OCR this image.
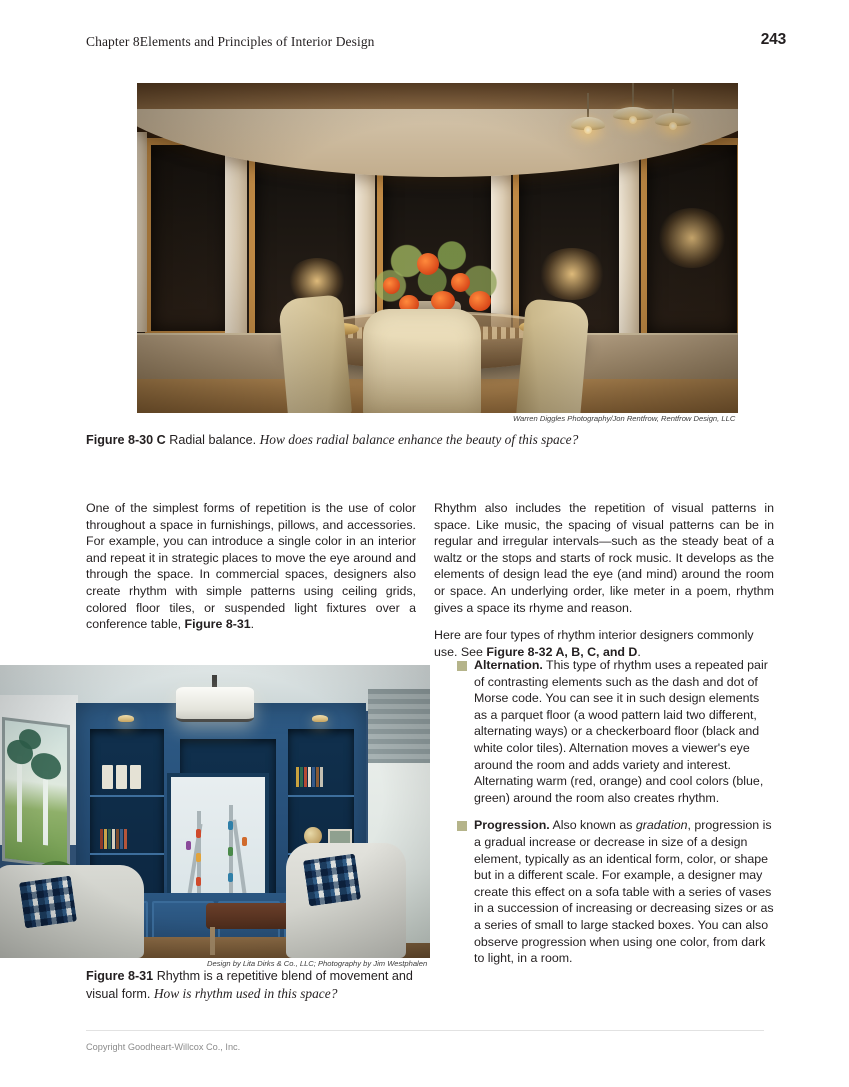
Chapter 8Elements and Principles of Interior Design	243
Warren Diggles Photography/Jon Rentfrow, Rentfrow Design, LLC
Figure 8-30 C Radial balance. How does radial balance enhance the beauty of this space?

One of the simplest forms of repetition is the use of color throughout a space in furnishings, pillows, and accessories. For example, you can introduce a single color in an interior and repeat it in strategic places to move the eye around and through the space. In commercial spaces, designers also create rhythm with simple patterns using ceiling grids, colored floor tiles, or suspended light fixtures over a conference table, Figure 8-31.

Rhythm also includes the repetition of visual patterns in space. Like music, the spacing of visual patterns can be in regular and irregular intervals—such as the steady beat of a waltz or the stops and starts of rock music. It develops as the elements of design lead the eye (and mind) around the room or space. An underlying order, like meter in a poem, rhythm gives a space its rhyme and reason.

Here are four types of rhythm interior designers commonly use. See Figure 8-32 A, B, C, and D.

Alternation. This type of rhythm uses a repeated pair of contrasting elements such as the dash and dot of Morse code. You can see it in such design elements as a parquet floor (a wood pattern laid two different, alternating ways) or a checkerboard floor (black and white color tiles). Alternation moves a viewer's eye around the room and adds variety and interest. Alternating warm (red, orange) and cool colors (blue, green) around the room also creates rhythm.
Progression. Also known as gradation, progression is a gradual increase or decrease in size of a design element, typically as an identical form, color, or shape but in a different scale. For example, a designer may create this effect on a sofa table with a series of vases in a succession of increasing or decreasing sizes or as a series of small to large stacked boxes. You can also observe progression when using one color, from dark to light, in a room.
Design by Lita Dirks & Co., LLC; Photography by Jim Westphalen
Figure 8-31 Rhythm is a repetitive blend of movement and visual form. How is rhythm used in this space?
Copyright Goodheart-Willcox Co., Inc.
